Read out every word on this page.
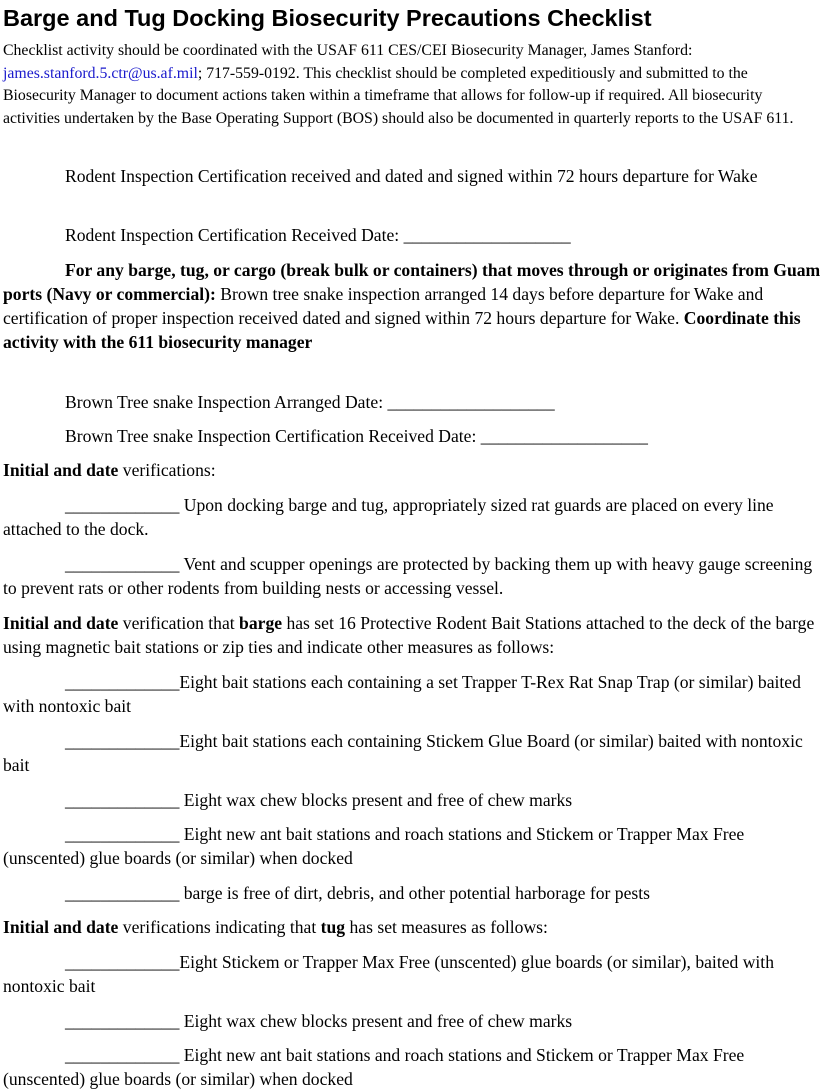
Barge and Tug Docking Biosecurity Precautions Checklist

Checklist activity should be coordinated with the USAF 611 CES/CEI Biosecurity Manager, James Stanford: james.stanford.5.ctr@us.af.mil; 717-559-0192. This checklist should be completed expeditiously and submitted to the Biosecurity Manager to document actions taken within a timeframe that allows for follow-up if required. All biosecurity activities undertaken by the Base Operating Support (BOS) should also be documented in quarterly reports to the USAF 611.

Rodent Inspection Certification received and dated and signed within 72 hours departure for Wake

Rodent Inspection Certification Received Date: ___________________

For any barge, tug, or cargo (break bulk or containers) that moves through or originates from Guam ports (Navy or commercial): Brown tree snake inspection arranged 14 days before departure for Wake and certification of proper inspection received dated and signed within 72 hours departure for Wake. Coordinate this activity with the 611 biosecurity manager

Brown Tree snake Inspection Arranged Date: ___________________

Brown Tree snake Inspection Certification Received Date: ___________________

Initial and date verifications:

_____________ Upon docking barge and tug, appropriately sized rat guards are placed on every line attached to the dock.

_____________ Vent and scupper openings are protected by backing them up with heavy gauge screening to prevent rats or other rodents from building nests or accessing vessel.

Initial and date verification that barge has set 16 Protective Rodent Bait Stations attached to the deck of the barge using magnetic bait stations or zip ties and indicate other measures as follows:

_____________Eight bait stations each containing a set Trapper T-Rex Rat Snap Trap (or similar) baited with nontoxic bait

_____________Eight bait stations each containing Stickem Glue Board (or similar) baited with nontoxic bait

_____________ Eight wax chew blocks present and free of chew marks

_____________ Eight new ant bait stations and roach stations and Stickem or Trapper Max Free (unscented) glue boards (or similar) when docked

_____________ barge is free of dirt, debris, and other potential harborage for pests

Initial and date verifications indicating that tug has set measures as follows:

_____________Eight Stickem or Trapper Max Free (unscented) glue boards (or similar), baited with nontoxic bait

_____________ Eight wax chew blocks present and free of chew marks

_____________ Eight new ant bait stations and roach stations and Stickem or Trapper Max Free (unscented) glue boards (or similar) when docked
